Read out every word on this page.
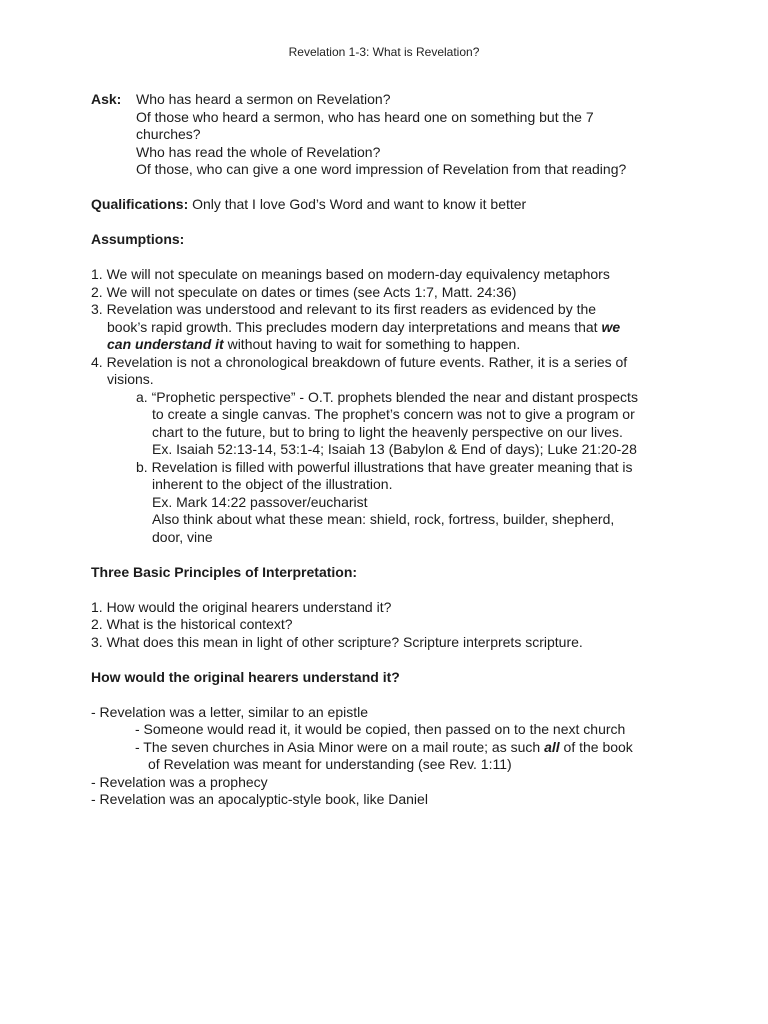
Revelation 1-3: What is Revelation?
Ask:	Who has heard a sermon on Revelation?
Of those who heard a sermon, who has heard one on something but the 7
churches?
Who has read the whole of Revelation?
Of those, who can give a one word impression of Revelation from that reading?
Qualifications: Only that I love God’s Word and want to know it better
Assumptions:
1. We will not speculate on meanings based on modern-day equivalency metaphors
2. We will not speculate on dates or times (see Acts 1:7, Matt. 24:36)
3. Revelation was understood and relevant to its first readers as evidenced by the
book’s rapid growth. This precludes modern day interpretations and means that we
can understand it without having to wait for something to happen.
4. Revelation is not a chronological breakdown of future events. Rather, it is a series of
visions.
a. “Prophetic perspective” - O.T. prophets blended the near and distant prospects
to create a single canvas. The prophet’s concern was not to give a program or
chart to the future, but to bring to light the heavenly perspective on our lives.
Ex. Isaiah 52:13-14, 53:1-4; Isaiah 13 (Babylon & End of days); Luke 21:20-28
b. Revelation is filled with powerful illustrations that have greater meaning that is
inherent to the object of the illustration.
Ex. Mark 14:22 passover/eucharist
Also think about what these mean: shield, rock, fortress, builder, shepherd,
door, vine
Three Basic Principles of Interpretation:
1. How would the original hearers understand it?
2. What is the historical context?
3. What does this mean in light of other scripture? Scripture interprets scripture.
How would the original hearers understand it?
- Revelation was a letter, similar to an epistle
- Someone would read it, it would be copied, then passed on to the next church
- The seven churches in Asia Minor were on a mail route; as such all of the book
of Revelation was meant for understanding (see Rev. 1:11)
- Revelation was a prophecy
- Revelation was an apocalyptic-style book, like Daniel
